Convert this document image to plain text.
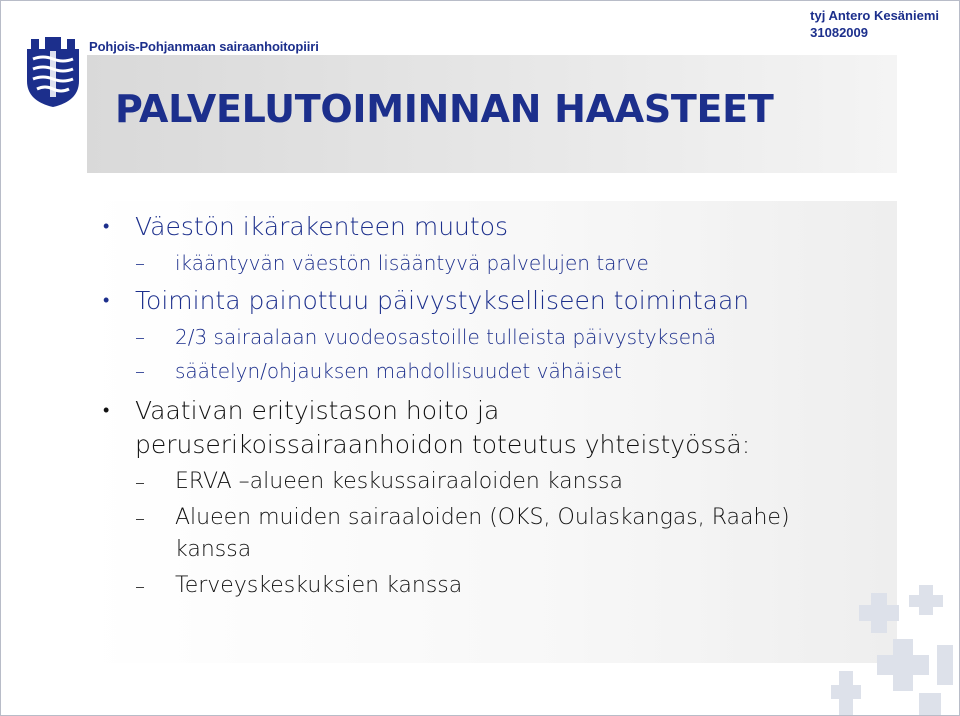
Pohjois-Pohjanmaan sairaanhoitopiiri
tyj Antero Kesäniemi
31082009
PALVELUTOIMINNAN HAASTEET
• Väestön ikärakenteen muutos
– ikääntyvän väestön lisääntyvä palvelujen tarve
• Toiminta painottuu päivystykselliseen toimintaan
– 2/3 sairaalaan vuodeosastoille tulleista päivystyksenä
– säätelyn/ohjauksen mahdollisuudet vähäiset
• Vaativan erityistason hoito ja
peruserikoissairaanhoidon toteutus yhteistyössä:
– ERVA –alueen keskussairaaloiden kanssa
– Alueen muiden sairaaloiden (OKS, Oulaskangas, Raahe)
kanssa
– Terveyskeskuksien kanssa
